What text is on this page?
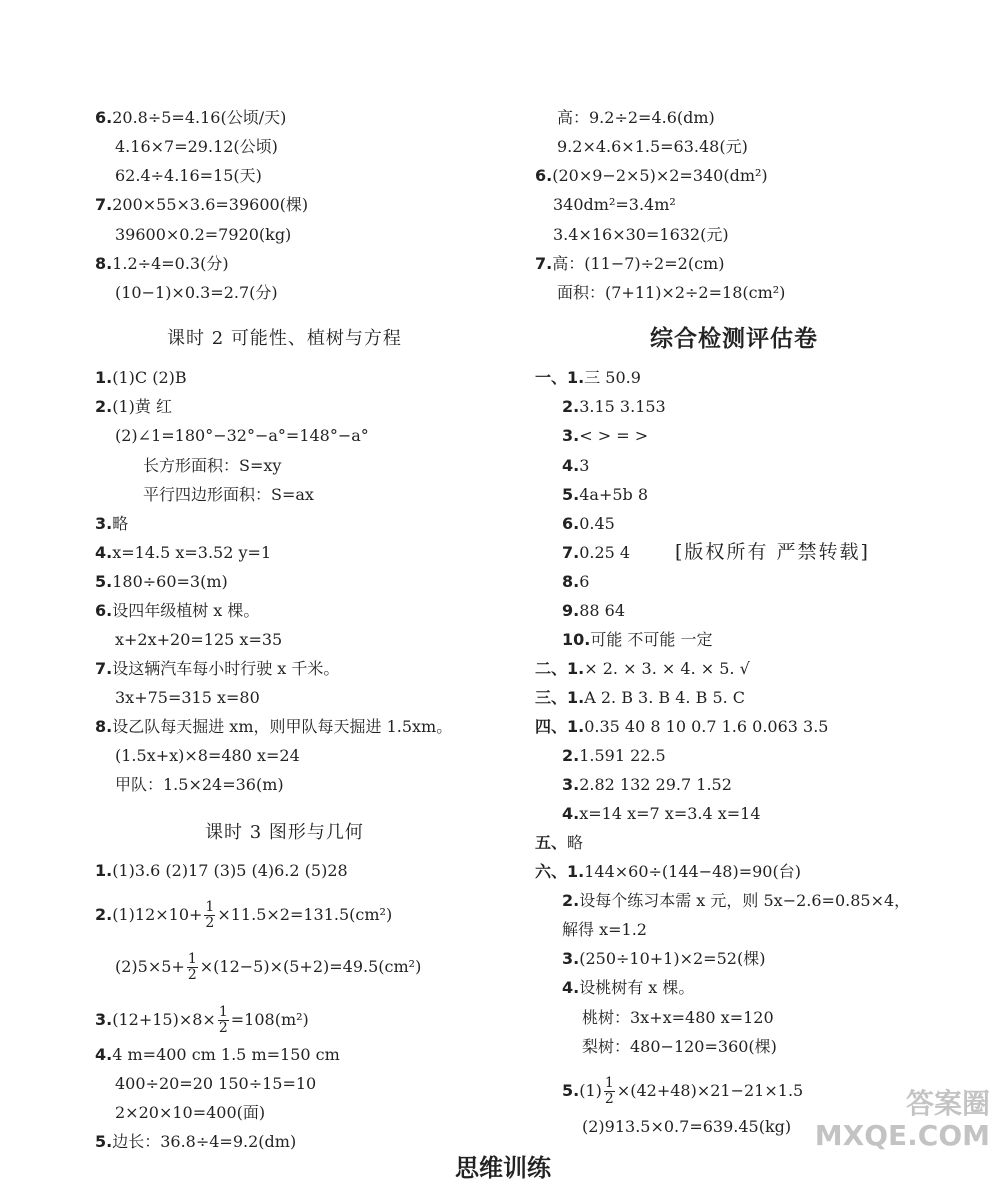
6.20.8÷5=4.16(公顷/天)
4.16×7=29.12(公顷)
62.4÷4.16=15(天)
7.200×55×3.6=39600(棵)
39600×0.2=7920(kg)
8.1.2÷4=0.3(分)
(10−1)×0.3=2.7(分)
课时 2 可能性、植树与方程
1.(1)C (2)B
2.(1)黄 红
(2)∠1=180°−32°−a°=148°−a°
长方形面积：S=xy
平行四边形面积：S=ax
3.略
4.x=14.5 x=3.52 y=1
5.180÷60=3(m)
6.设四年级植树 x 棵。
x+2x+20=125 x=35
7.设这辆汽车每小时行驶 x 千米。
3x+75=315 x=80
8.设乙队每天掘进 xm，则甲队每天掘进 1.5xm。
(1.5x+x)×8=480 x=24
甲队：1.5×24=36(m)
课时 3 图形与几何
1.(1)3.6 (2)17 (3)5 (4)6.2 (5)28
$2.(1)12\times 10+ \frac{1}{2} \times 11.5\times 2=131.5(cm^2)$
$(2)5\times 5+ \frac{1}{2} \times(12-5)\times(5+2)=49.5(cm^2)$
$3.(12+15)\times 8\times \frac{1}{2} =108(m^2)$
4.4 m=400 cm 1.5 m=150 cm
400÷20=20 150÷15=10
2×20×10=400(面)
5.边长：36.8÷4=9.2(dm)
高：9.2÷2=4.6(dm)
9.2×4.6×1.5=63.48(元)
6.(20×9−2×5)×2=340(dm²)
340dm²=3.4m²
3.4×16×30=1632(元)
7.高：(11−7)÷2=2(cm)
面积：(7+11)×2÷2=18(cm²)
综合检测评估卷
一、1.三 50.9
2.3.15 3.153
3.< > = >
4.3
5.4a+5b 8
6.0.45
7.0.25 4
8.6
9.88 64
10.可能 不可能 一定
二、1.× 2. × 3. × 4. × 5. √
三、1.A 2. B 3. B 4. B 5. C
四、1.0.35 40 8 10 0.7 1.6 0.063 3.5
2.1.591 22.5
3.2.82 132 29.7 1.52
4.x=14 x=7 x=3.4 x=14
五、略
六、1.144×60÷(144−48)=90(台)
2.设每个练习本需 x 元，则 5x−2.6=0.85×4，
解得 x=1.2
3.(250÷10+1)×2=52(棵)
4.设桃树有 x 棵。
桃树：3x+x=480 x=120
梨树：480−120=360(棵)
$5.(1) \frac{1}{2} \times(42+48)\times 21-21\times 1.5$
(2)913.5×0.7=639.45(kg)
[版权所有 严禁转载]
答案圈
MXQE.COM
思维训练
